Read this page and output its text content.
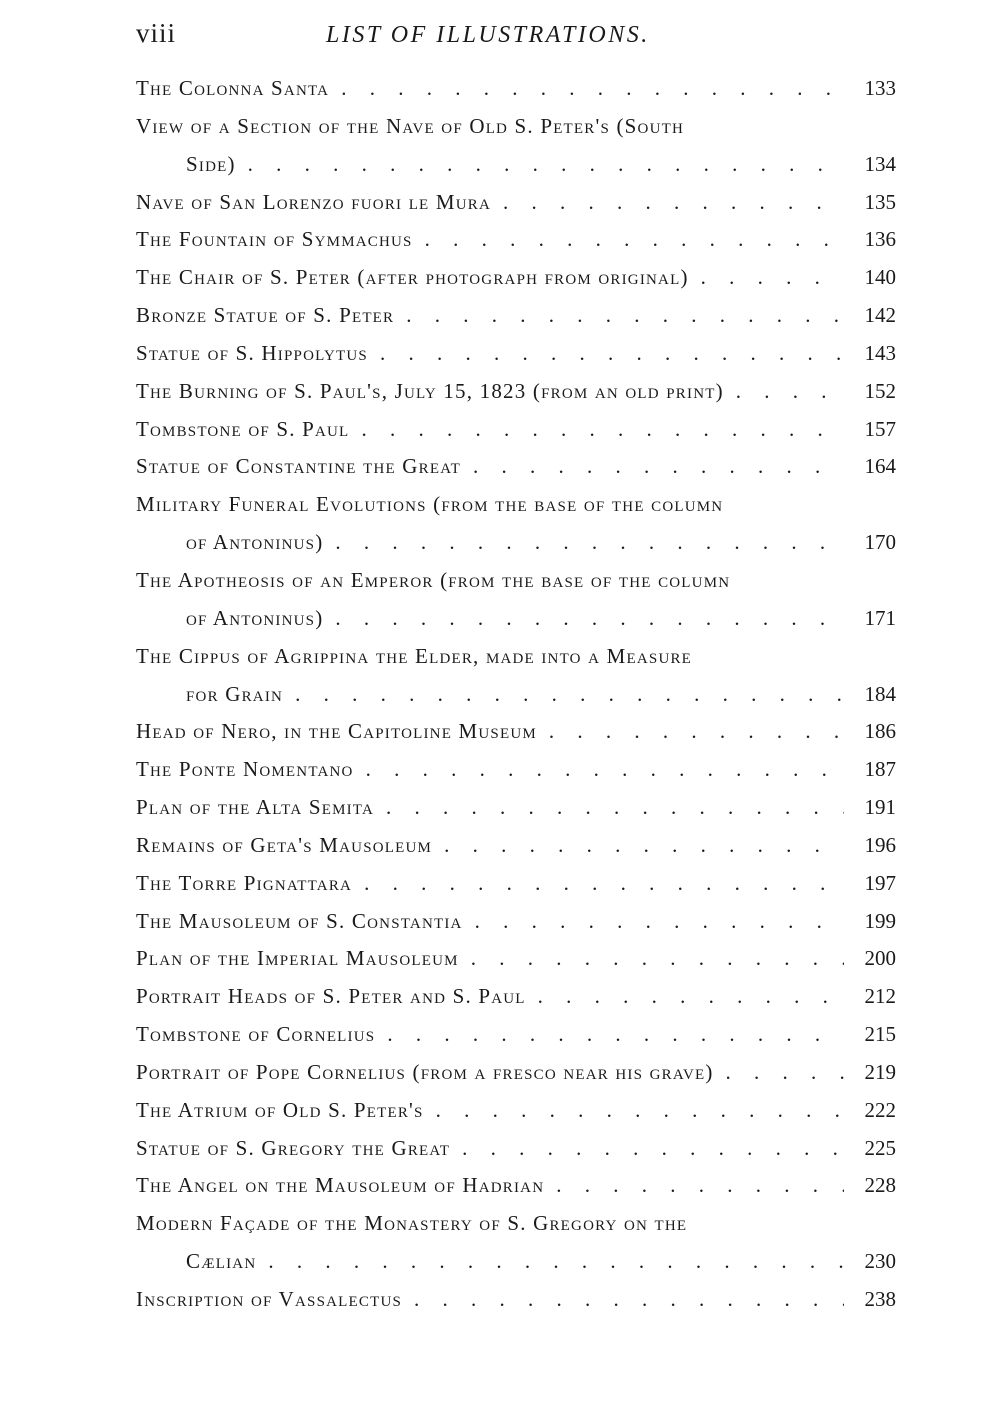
viii	LIST OF ILLUSTRATIONS.
The Colonna Santa . . .	133
View of a Section of the Nave of Old S. Peter's (South
Side) . . .	134
Nave of San Lorenzo fuori le Mura . . .	135
The Fountain of Symmachus . . .	136
The Chair of S. Peter (after photograph from original) . . .	140
Bronze Statue of S. Peter . . .	142
Statue of S. Hippolytus . . .	143
The Burning of S. Paul's, July 15, 1823 (from an old print) . . .	152
Tombstone of S. Paul . . .	157
Statue of Constantine the Great . . .	164
Military Funeral Evolutions (from the base of the column
of Antoninus) . . .	170
The Apotheosis of an Emperor (from the base of the column
of Antoninus) . . .	171
The Cippus of Agrippina the Elder, made into a Measure
for Grain . . .	184
Head of Nero, in the Capitoline Museum . . .	186
The Ponte Nomentano . . .	187
Plan of the Alta Semita . . .	191
Remains of Geta's Mausoleum . . .	196
The Torre Pignattara . . .	197
The Mausoleum of S. Constantia . . .	199
Plan of the Imperial Mausoleum . . .	200
Portrait Heads of S. Peter and S. Paul . . .	212
Tombstone of Cornelius . . .	215
Portrait of Pope Cornelius (from a fresco near his grave) . . .	219
The Atrium of Old S. Peter's . . .	222
Statue of S. Gregory the Great . . .	225
The Angel on the Mausoleum of Hadrian . . .	228
Modern Façade of the Monastery of S. Gregory on the
Cælian . . .	230
Inscription of Vassalectus . . .	238
